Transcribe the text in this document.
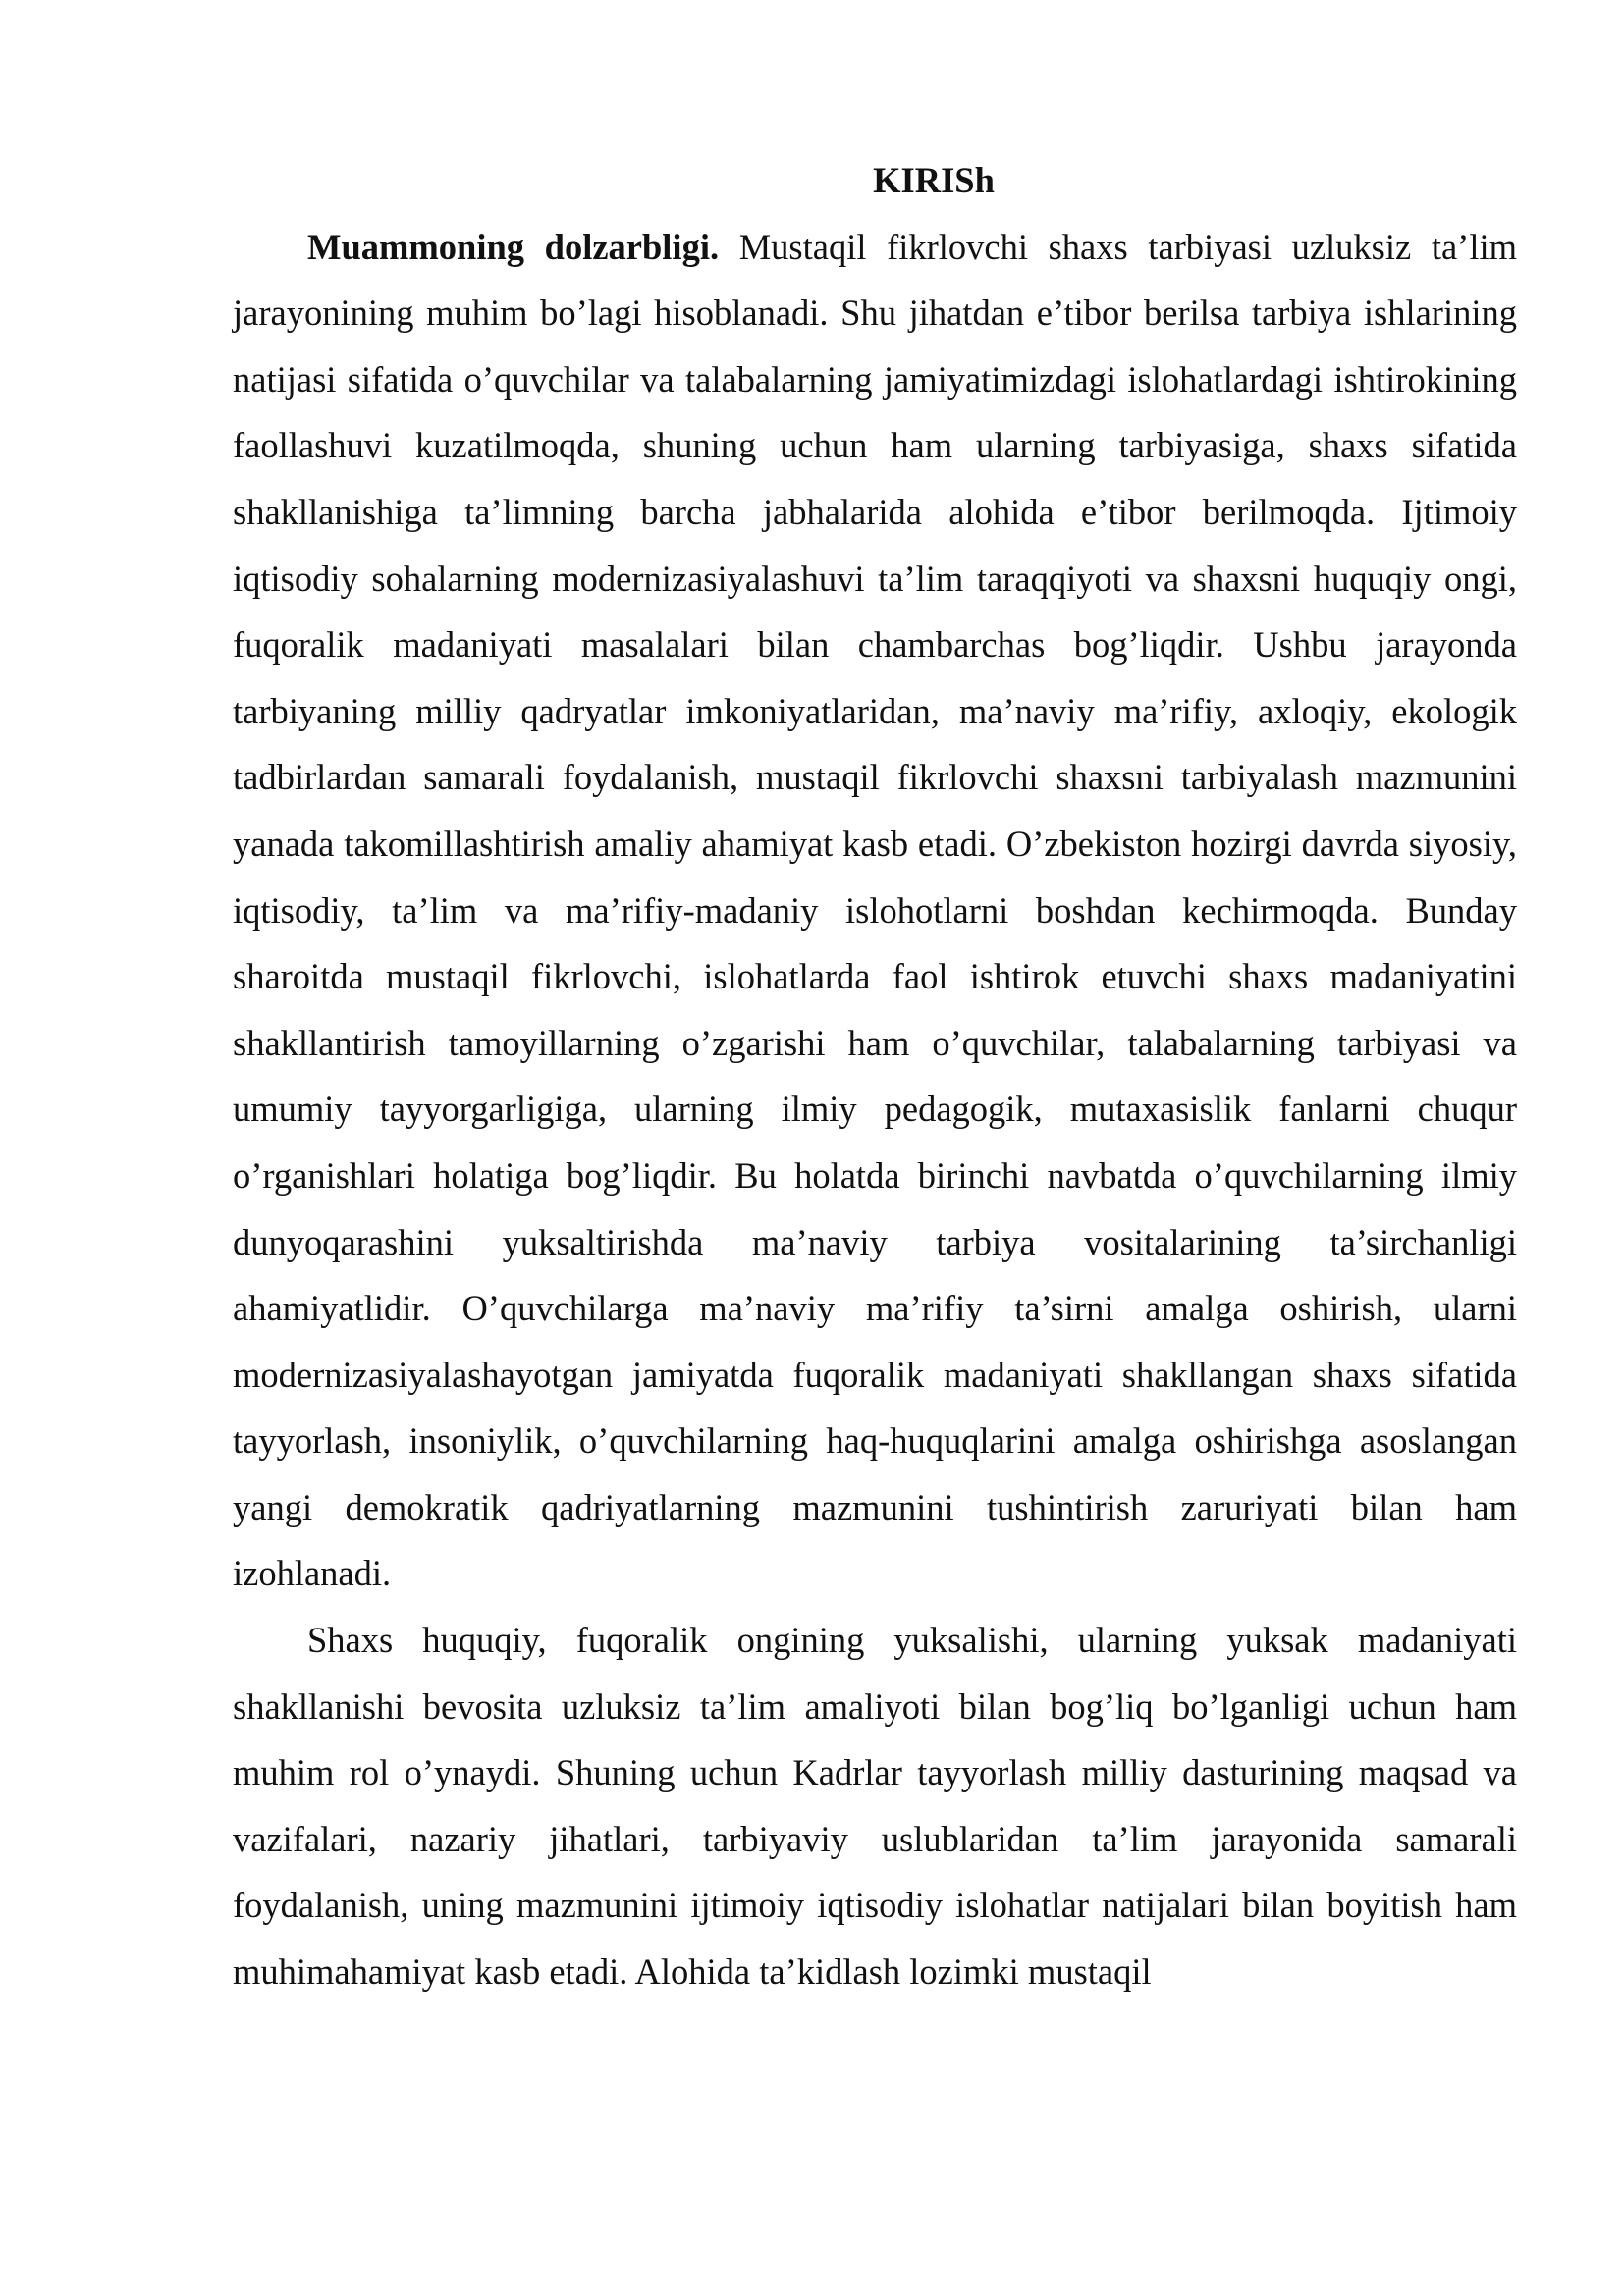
KIRISh

Muammoning dolzarbligi. Mustaqil fikrlovchi shaxs tarbiyasi uzluksiz ta’lim jarayonining muhim bo’lagi hisoblanadi. Shu jihatdan e’tibor berilsa tarbiya ishlarining natijasi sifatida o’quvchilar va talabalarning jamiyatimizdagi islohatlardagi ishtirokining faollashuvi kuzatilmoqda, shuning uchun ham ularning tarbiyasiga, shaxs sifatida shakllanishiga ta’limning barcha jabhalarida alohida e’tibor berilmoqda. Ijtimoiy iqtisodiy sohalarning modernizasiyalashuvi ta’lim taraqqiyoti va shaxsni huquqiy ongi, fuqoralik madaniyati masalalari bilan chambarchas bog’liqdir. Ushbu jarayonda tarbiyaning milliy qadryatlar imkoniyatlaridan, ma’naviy ma’rifiy, axloqiy, ekologik tadbirlardan samarali foydalanish, mustaqil fikrlovchi shaxsni tarbiyalash mazmunini yanada takomillashtirish amaliy ahamiyat kasb etadi. O’zbekiston hozirgi davrda siyosiy, iqtisodiy, ta’lim va ma’rifiy-madaniy islohotlarni boshdan kechirmoqda. Bunday sharoitda mustaqil fikrlovchi, islohatlarda faol ishtirok etuvchi shaxs madaniyatini shakllantirish tamoyillarning o’zgarishi ham o’quvchilar, talabalarning tarbiyasi va umumiy tayyorgarligiga, ularning ilmiy pedagogik, mutaxasislik fanlarni chuqur o’rganishlari holatiga bog’liqdir. Bu holatda birinchi navbatda o’quvchilarning ilmiy dunyoqarashini yuksaltirishda ma’naviy tarbiya vositalarining ta’sirchanligi ahamiyatlidir. O’quvchilarga ma’naviy ma’rifiy ta’sirni amalga oshirish, ularni modernizasiyalashayotgan jamiyatda fuqoralik madaniyati shakllangan shaxs sifatida tayyorlash, insoniylik, o’quvchilarning haq-huquqlarini amalga oshirishga asoslangan yangi demokratik qadriyatlarning mazmunini tushintirish zaruriyati bilan ham izohlanadi.

Shaxs huquqiy, fuqoralik ongining yuksalishi, ularning yuksak madaniyati shakllanishi bevosita uzluksiz ta’lim amaliyoti bilan bog’liq bo’lganligi uchun ham muhim rol o’ynaydi. Shuning uchun Kadrlar tayyorlash milliy dasturining maqsad va vazifalari, nazariy jihatlari, tarbiyaviy uslublaridan ta’lim jarayonida samarali foydalanish, uning mazmunini ijtimoiy iqtisodiy islohatlar natijalari bilan boyitish ham muhimahamiyat kasb etadi. Alohida ta’kidlash lozimki mustaqil
